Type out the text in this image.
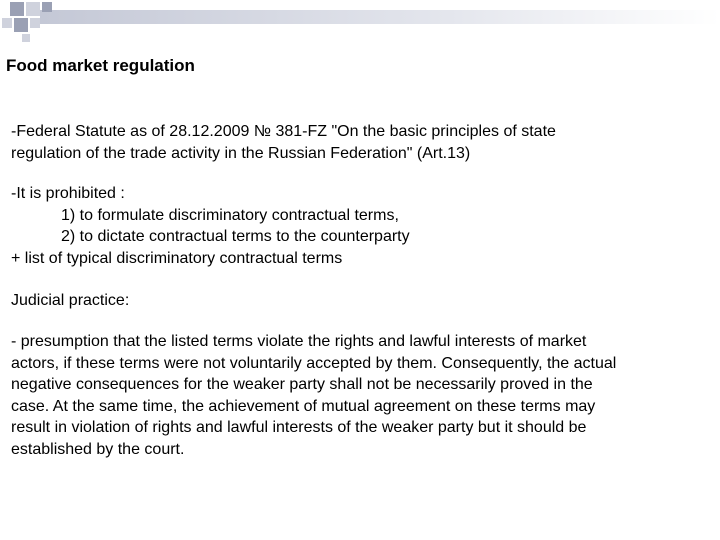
Food market regulation
-Federal Statute as of 28.12.2009 № 381-FZ "On the basic principles of state
regulation of the trade activity in the Russian Federation" (Art.13)
-It is prohibited :
1) to formulate discriminatory contractual terms,
2) to dictate contractual terms to the counterparty
+ list of typical discriminatory contractual terms
Judicial practice:
- presumption that the listed terms violate the rights and lawful interests of market
actors, if these terms were not voluntarily accepted by them. Consequently, the actual
negative consequences for the weaker party shall not be necessarily proved in the
case. At the same time, the achievement of mutual agreement on these terms may
result in violation of rights and lawful interests of the weaker party but it should be
established by the court.
